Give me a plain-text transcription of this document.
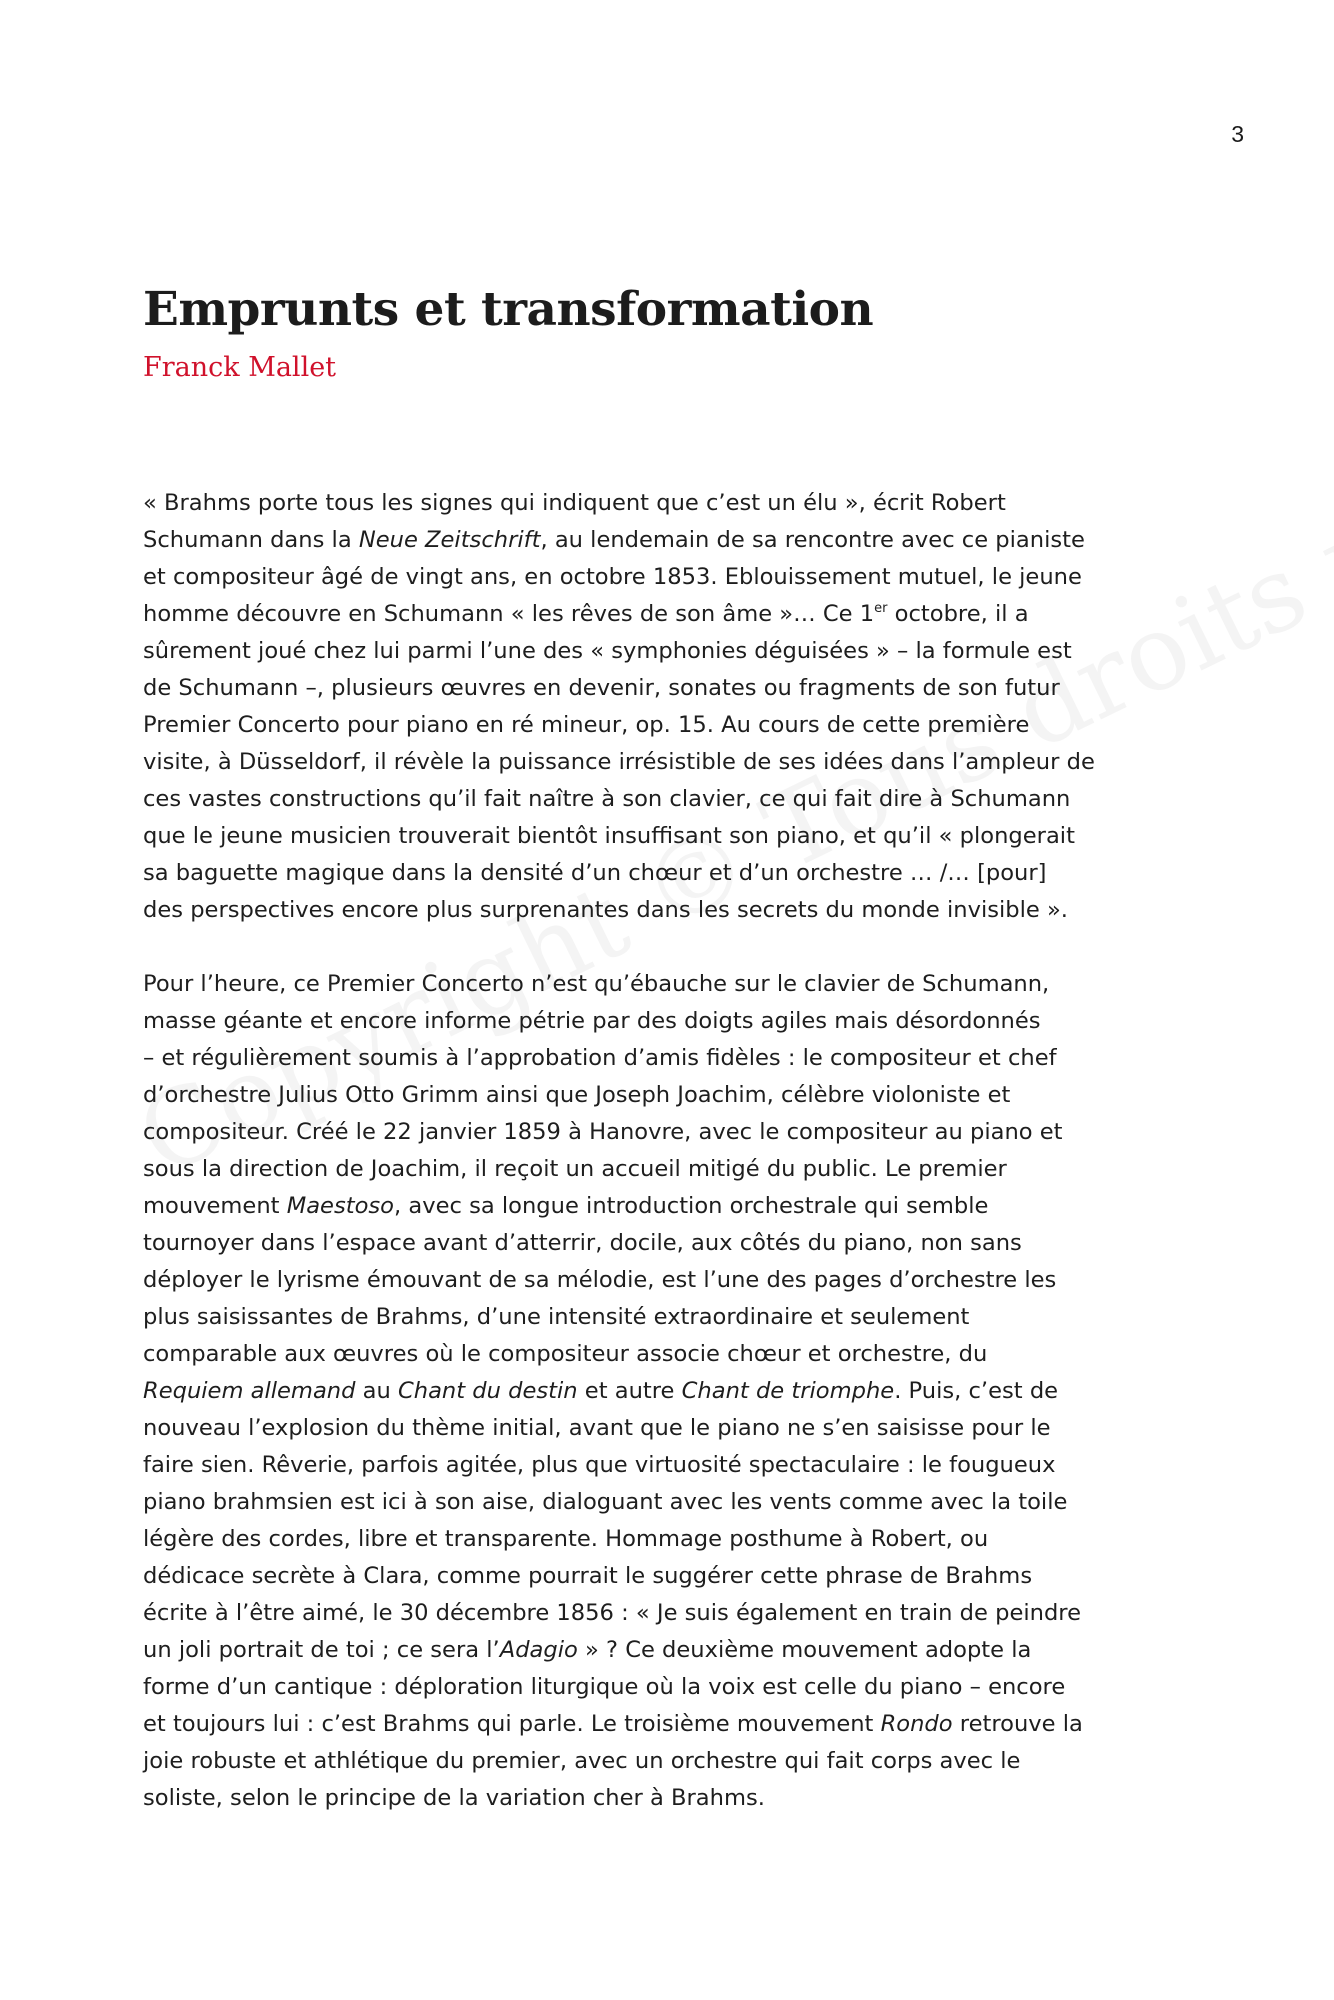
3
Emprunts et transformation

Franck Mallet

« Brahms porte tous les signes qui indiquent que c’est un élu », écrit Robert
Schumann dans la Neue Zeitschrift, au lendemain de sa rencontre avec ce pianiste
et compositeur âgé de vingt ans, en octobre 1853. Eblouissement mutuel, le jeune
homme découvre en Schumann « les rêves de son âme »… Ce 1er octobre, il a
sûrement joué chez lui parmi l’une des « symphonies déguisées » – la formule est
de Schumann –, plusieurs œuvres en devenir, sonates ou fragments de son futur
Premier Concerto pour piano en ré mineur, op. 15. Au cours de cette première
visite, à Düsseldorf, il révèle la puissance irrésistible de ses idées dans l’ampleur de
ces vastes constructions qu’il fait naître à son clavier, ce qui fait dire à Schumann
que le jeune musicien trouverait bientôt insuffisant son piano, et qu’il « plongerait
sa baguette magique dans la densité d’un chœur et d’un orchestre … /… [pour]
des perspectives encore plus surprenantes dans les secrets du monde invisible ».

Pour l’heure, ce Premier Concerto n’est qu’ébauche sur le clavier de Schumann,
masse géante et encore informe pétrie par des doigts agiles mais désordonnés
– et régulièrement soumis à l’approbation d’amis fidèles : le compositeur et chef
d’orchestre Julius Otto Grimm ainsi que Joseph Joachim, célèbre violoniste et
compositeur. Créé le 22 janvier 1859 à Hanovre, avec le compositeur au piano et
sous la direction de Joachim, il reçoit un accueil mitigé du public. Le premier
mouvement Maestoso, avec sa longue introduction orchestrale qui semble
tournoyer dans l’espace avant d’atterrir, docile, aux côtés du piano, non sans
déployer le lyrisme émouvant de sa mélodie, est l’une des pages d’orchestre les
plus saisissantes de Brahms, d’une intensité extraordinaire et seulement
comparable aux œuvres où le compositeur associe chœur et orchestre, du
Requiem allemand au Chant du destin et autre Chant de triomphe. Puis, c’est de
nouveau l’explosion du thème initial, avant que le piano ne s’en saisisse pour le
faire sien. Rêverie, parfois agitée, plus que virtuosité spectaculaire : le fougueux
piano brahmsien est ici à son aise, dialoguant avec les vents comme avec la toile
légère des cordes, libre et transparente. Hommage posthume à Robert, ou
dédicace secrète à Clara, comme pourrait le suggérer cette phrase de Brahms
écrite à l’être aimé, le 30 décembre 1856 : « Je suis également en train de peindre
un joli portrait de toi ; ce sera l’Adagio » ? Ce deuxième mouvement adopte la
forme d’un cantique : déploration liturgique où la voix est celle du piano – encore
et toujours lui : c’est Brahms qui parle. Le troisième mouvement Rondo retrouve la
joie robuste et athlétique du premier, avec un orchestre qui fait corps avec le
soliste, selon le principe de la variation cher à Brahms.
